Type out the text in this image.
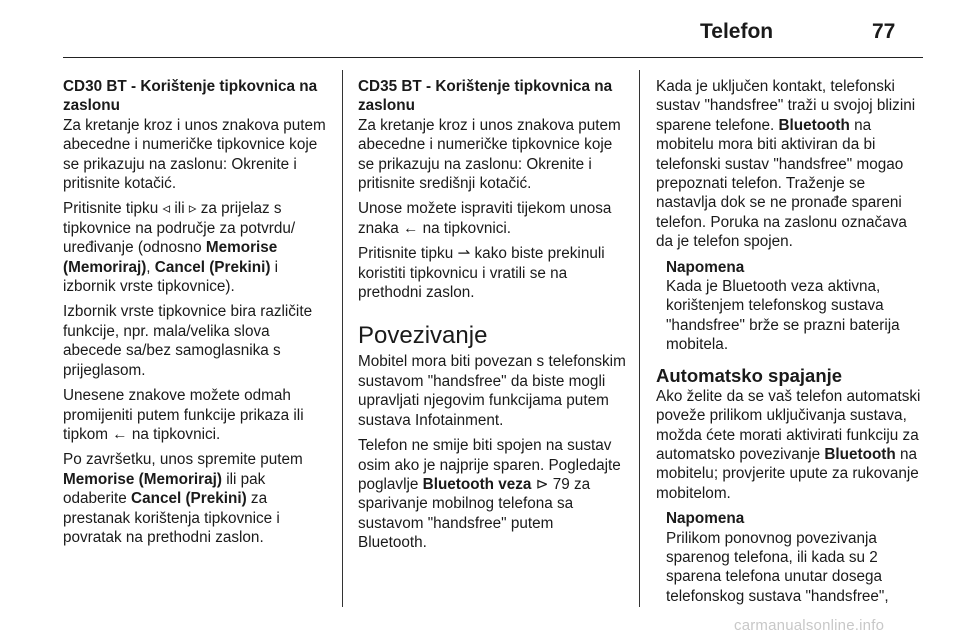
Telefon	77

CD30 BT - Korištenje tipkovnica na zaslonu

Za kretanje kroz i unos znakova putem abecedne i numeričke tipkovnice koje se prikazuju na zaslonu: Okrenite i pritisnite kotačić.

Pritisnite tipku ◃ ili ▹ za prijelaz s tipkovnice na područje za potvrdu/ uređivanje (odnosno Memorise (Memoriraj), Cancel (Prekini) i izbornik vrste tipkovnice).

Izbornik vrste tipkovnice bira različite funkcije, npr. mala/velika slova abecede sa/bez samoglasnika s prijeglasom.

Unesene znakove možete odmah promijeniti putem funkcije prikaza ili tipkom ← na tipkovnici.

Po završetku, unos spremite putem Memorise (Memoriraj) ili pak odaberite Cancel (Prekini) za prestanak korištenja tipkovnice i povratak na prethodni zaslon.

CD35 BT - Korištenje tipkovnica na zaslonu

Za kretanje kroz i unos znakova putem abecedne i numeričke tipkovnice koje se prikazuju na zaslonu: Okrenite i pritisnite središnji kotačić.

Unose možete ispraviti tijekom unosa znaka ← na tipkovnici.

Pritisnite tipku ⇀ kako biste prekinuli koristiti tipkovnicu i vratili se na prethodni zaslon.

Povezivanje

Mobitel mora biti povezan s telefonskim sustavom "handsfree" da biste mogli upravljati njegovim funkcijama putem sustava Infotainment.

Telefon ne smije biti spojen na sustav osim ako je najprije sparen. Pogledajte poglavlje Bluetooth veza ⊳ 79 za sparivanje mobilnog telefona sa sustavom "handsfree" putem Bluetooth.

Kada je uključen kontakt, telefonski sustav "handsfree" traži u svojoj blizini sparene telefone. Bluetooth na mobitelu mora biti aktiviran da bi telefonski sustav "handsfree" mogao prepoznati telefon. Traženje se nastavlja dok se ne pronađe spareni telefon. Poruka na zaslonu označava da je telefon spojen.

Napomena
Kada je Bluetooth veza aktivna, korištenjem telefonskog sustava "handsfree" brže se prazni baterija mobitela.
Automatsko spajanje

Ako želite da se vaš telefon automatski poveže prilikom uključivanja sustava, možda ćete morati aktivirati funkciju za automatsko povezivanje Bluetooth na mobitelu; provjerite upute za rukovanje mobitelom.

Napomena
Prilikom ponovnog povezivanja sparenog telefona, ili kada su 2 sparena telefona unutar dosega telefonskog sustava "handsfree",
carmanualsonline.info
